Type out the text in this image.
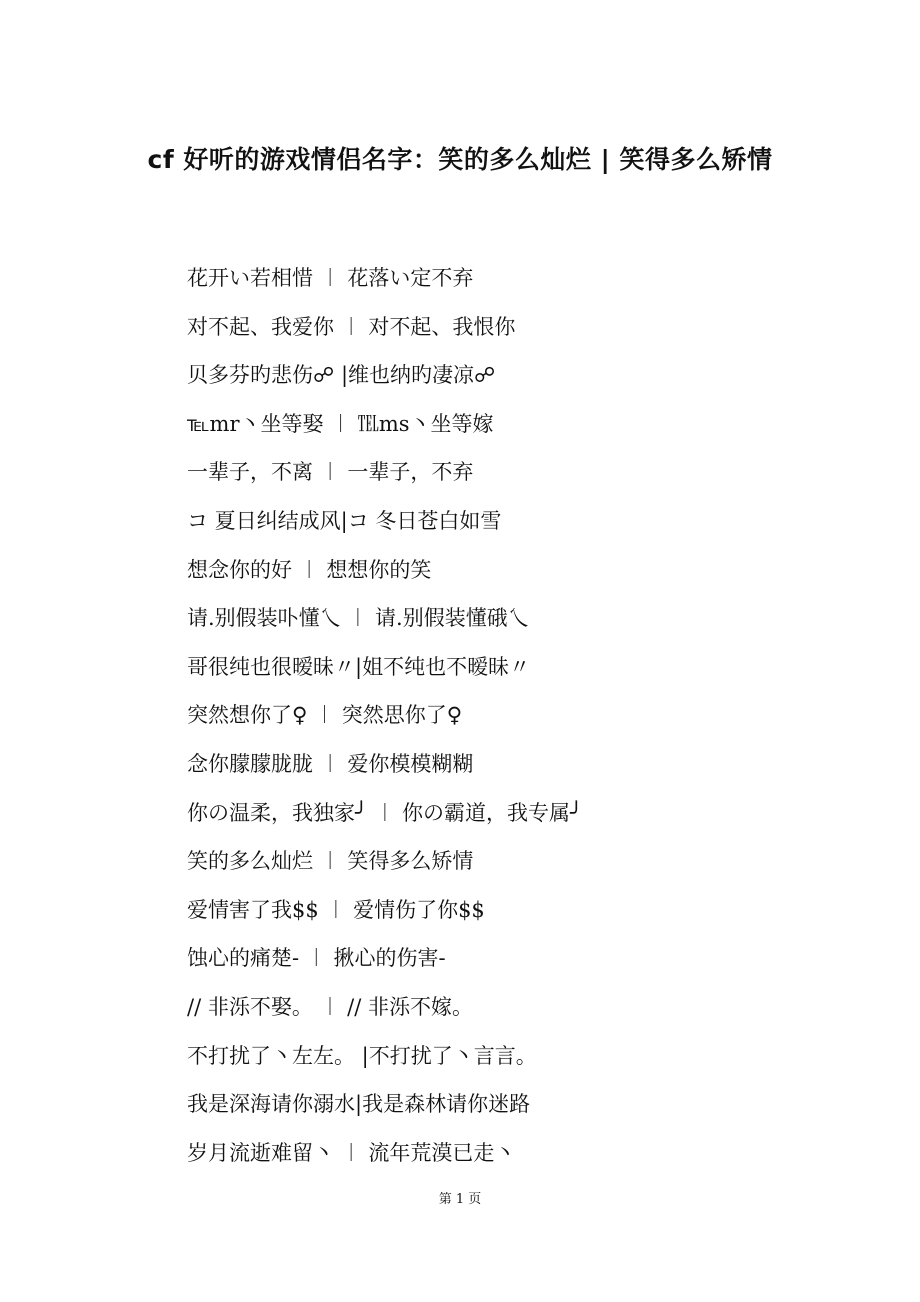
cf 好听的游戏情侣名字：笑的多么灿烂 | 笑得多么矫情
花开い若相惜 ︱ 花落い定不弃
对不起、我爱你 ︱ 对不起、我恨你
贝多芬旳悲伤☍ |维也纳旳凄凉☍
℡mr丶坐等娶 ︱ ℡ms丶坐等嫁
一辈子，不离 ︱ 一辈子，不弃
コ 夏日纠结成风|コ 冬日苍白如雪
想念你的好 ︱ 想想你的笑
请.别假装卟懂乀 ︱ 请.别假装懂硪乀
哥很纯也很暧昧〃|姐不纯也不暧昧〃
突然想你了♀ ︱ 突然思你了♀
念你朦朦胧胧 ︱ 爱你模模糊糊
你の温柔，我独家╯ ︱ 你の霸道，我专属╯
笑的多么灿烂 ︱ 笑得多么矫情
爱情害了我$$ ︱ 爱情伤了你$$
蚀心的痛楚- ︱ 揪心的伤害-
// 非泺不娶。 ︱ // 非泺不嫁。
不打扰了丶左左。 |不打扰了丶言言。
我是深海请你溺水|我是森林请你迷路
岁月流逝难留丶 ︱ 流年荒漠已走丶
第 1 页
